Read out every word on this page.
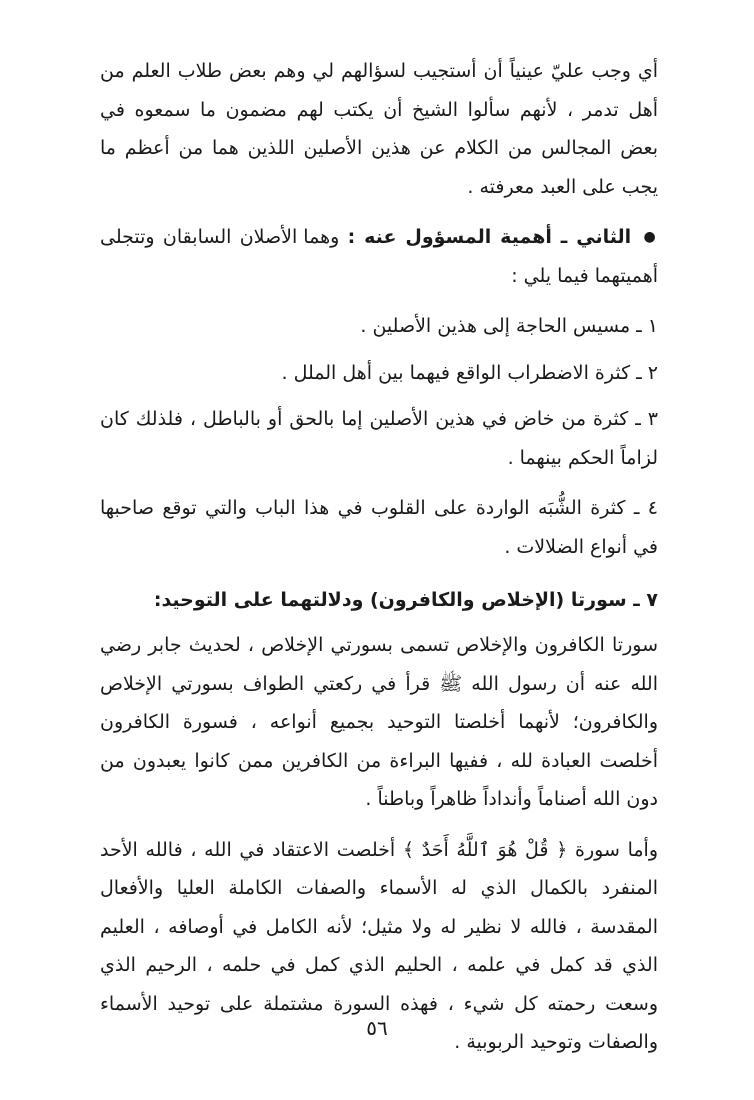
أي وجب عليّ عينياً أن أستجيب لسؤالهم لي وهم بعض طلاب العلم من أهل تدمر ، لأنهم سألوا الشيخ أن يكتب لهم مضمون ما سمعوه في بعض المجالس من الكلام عن هذين الأصلين اللذين هما من أعظم ما يجب على العبد معرفته .

● الثاني ـ أهمية المسؤول عنه : وهما الأصلان السابقان وتتجلى أهميتهما فيما يلي :

١ ـ مسيس الحاجة إلى هذين الأصلين .

٢ ـ كثرة الاضطراب الواقع فيهما بين أهل الملل .

٣ ـ كثرة من خاض في هذين الأصلين إما بالحق أو بالباطل ، فلذلك كان لزاماً الحكم بينهما .

٤ ـ كثرة الشُّبَه الواردة على القلوب في هذا الباب والتي توقع صاحبها في أنواع الضلالات .

٧ ـ سورتا (الإخلاص والكافرون) ودلالتهما على التوحيد:

سورتا الكافرون والإخلاص تسمى بسورتي الإخلاص ، لحديث جابر رضي الله عنه أن رسول الله ﷺ قرأ في ركعتي الطواف بسورتي الإخلاص والكافرون؛ لأنهما أخلصتا التوحيد بجميع أنواعه ، فسورة الكافرون أخلصت العبادة لله ، ففيها البراءة من الكافرين ممن كانوا يعبدون من دون الله أصناماً وأنداداً ظاهراً وباطناً .

وأما سورة ﴿ قُلْ هُوَ ٱللَّهُ أَحَدٌ ﴾ أخلصت الاعتقاد في الله ، فالله الأحد المنفرد بالكمال الذي له الأسماء والصفات الكاملة العليا والأفعال المقدسة ، فالله لا نظير له ولا مثيل؛ لأنه الكامل في أوصافه ، العليم الذي قد كمل في علمه ، الحليم الذي كمل في حلمه ، الرحيم الذي وسعت رحمته كل شيء ، فهذه السورة مشتملة على توحيد الأسماء والصفات وتوحيد الربوبية .

٥٦
